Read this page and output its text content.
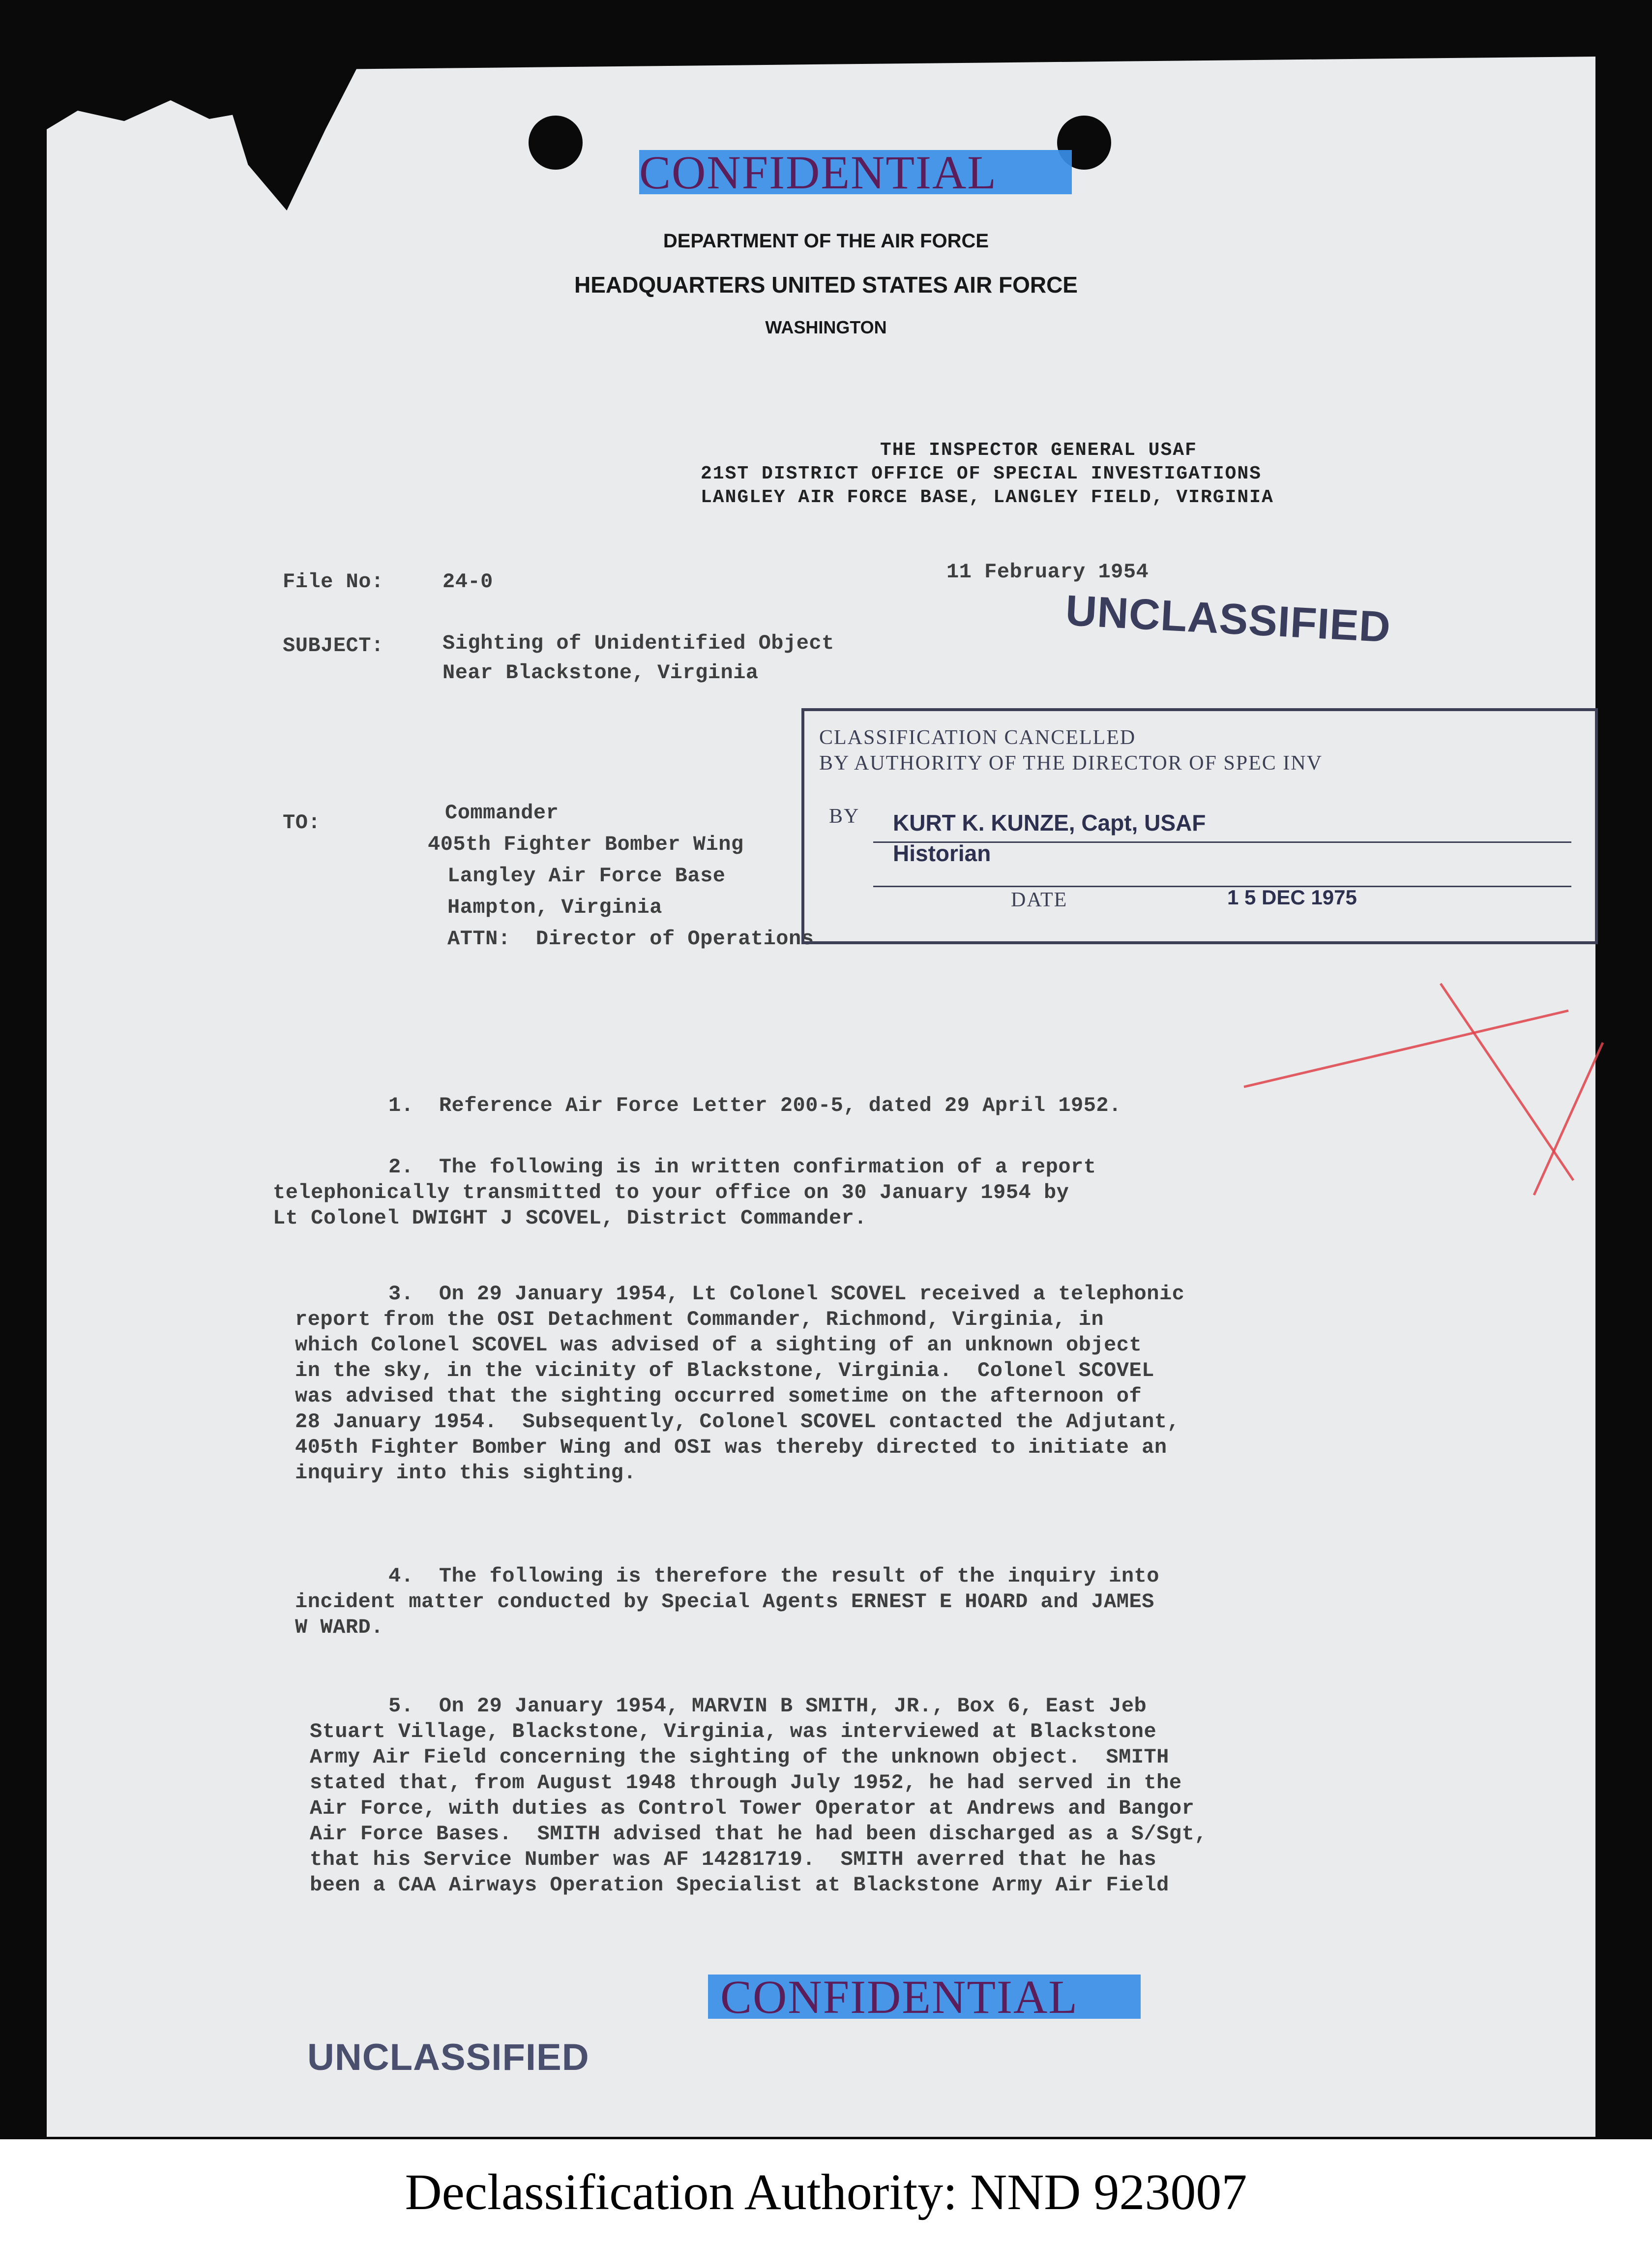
CONFIDENTIAL
DEPARTMENT OF THE AIR FORCE
HEADQUARTERS UNITED STATES AIR FORCE
WASHINGTON
THE INSPECTOR GENERAL USAF
21ST DISTRICT OFFICE OF SPECIAL INVESTIGATIONS
LANGLEY AIR FORCE BASE, LANGLEY FIELD, VIRGINIA
File No:	24-0	11 February 1954
UNCLASSIFIED
SUBJECT:	Sighting of Unidentified Object
Near Blackstone, Virginia
TO:	Commander
405th Fighter Bomber Wing
Langley Air Force Base
Hampton, Virginia
ATTN:  Director of Operations
CLASSIFICATION CANCELLED
BY AUTHORITY OF THE DIRECTOR OF SPEC INV
BY KURT K. KUNZE, Capt, USAF
Historian
DATE	1 5 DEC 1975
1.  Reference Air Force Letter 200-5, dated 29 April 1952.
2.  The following is in written confirmation of a report
telephonically transmitted to your office on 30 January 1954 by
Lt Colonel DWIGHT J SCOVEL, District Commander.
3.  On 29 January 1954, Lt Colonel SCOVEL received a telephonic
report from the OSI Detachment Commander, Richmond, Virginia, in
which Colonel SCOVEL was advised of a sighting of an unknown object
in the sky, in the vicinity of Blackstone, Virginia.  Colonel SCOVEL
was advised that the sighting occurred sometime on the afternoon of
28 January 1954.  Subsequently, Colonel SCOVEL contacted the Adjutant,
405th Fighter Bomber Wing and OSI was thereby directed to initiate an
inquiry into this sighting.
4.  The following is therefore the result of the inquiry into
incident matter conducted by Special Agents ERNEST E HOARD and JAMES
W WARD.
5.  On 29 January 1954, MARVIN B SMITH, JR., Box 6, East Jeb
Stuart Village, Blackstone, Virginia, was interviewed at Blackstone
Army Air Field concerning the sighting of the unknown object.  SMITH
stated that, from August 1948 through July 1952, he had served in the
Air Force, with duties as Control Tower Operator at Andrews and Bangor
Air Force Bases.  SMITH advised that he had been discharged as a S/Sgt,
that his Service Number was AF 14281719.  SMITH averred that he has
been a CAA Airways Operation Specialist at Blackstone Army Air Field
CONFIDENTIAL
UNCLASSIFIED
Declassification Authority: NND 923007
